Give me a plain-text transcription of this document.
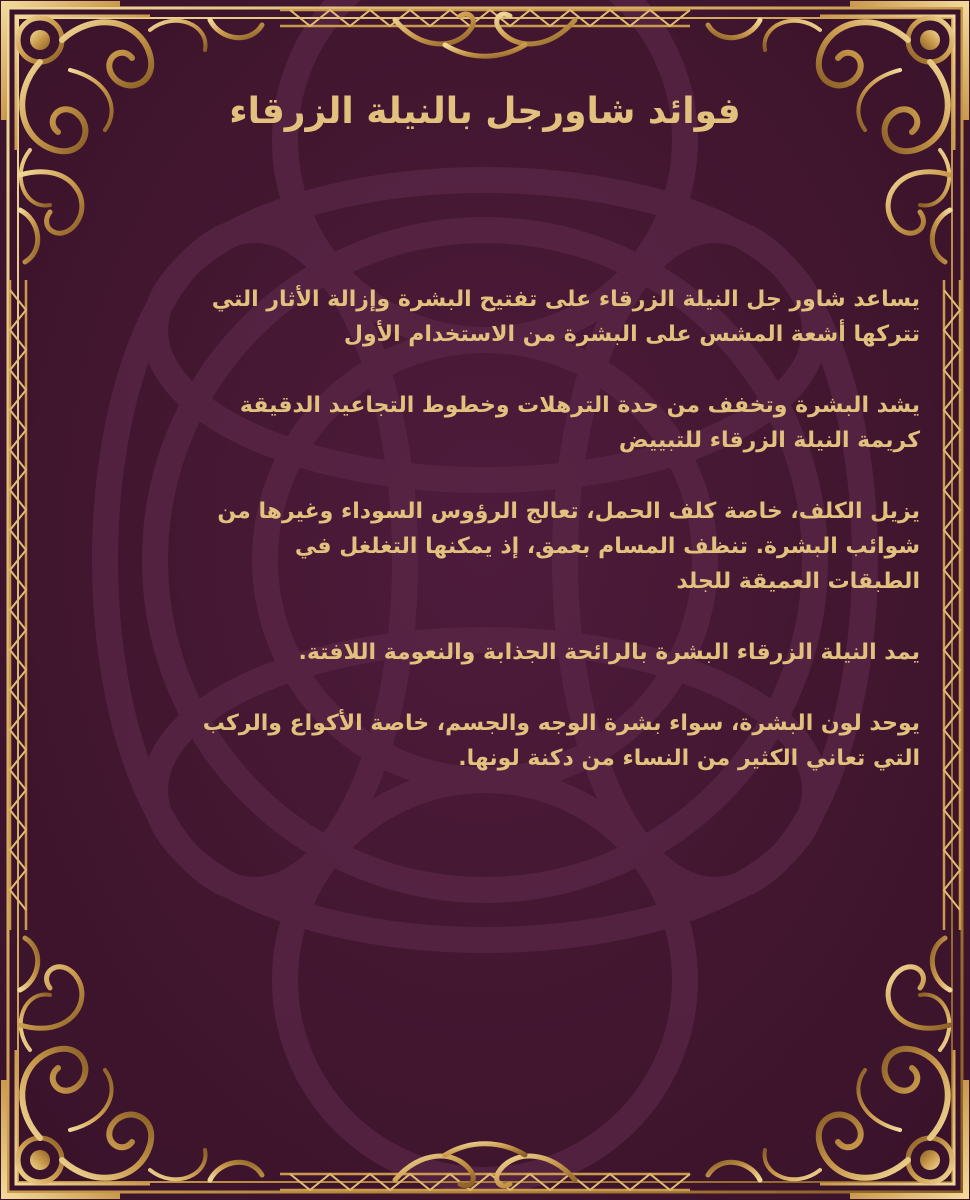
فوائد شاورجل بالنيلة الزرقاء
يساعد شاور جل النيلة الزرقاء على تفتيح البشرة وإزالة الأثار التي
تتركها أشعة المشس على البشرة من الاستخدام الأول
يشد البشرة وتخفف من حدة الترهلات وخطوط التجاعيد الدقيقة
كريمة النيلة الزرقاء للتبييض
يزيل الكلف، خاصة كلف الحمل، تعالج الرؤوس السوداء وغيرها من
شوائب البشرة. تنظف المسام بعمق، إذ يمكنها التغلغل في
الطبقات العميقة للجلد
يمد النيلة الزرقاء البشرة بالرائحة الجذابة والنعومة اللافتة.
يوحد لون البشرة، سواء بشرة الوجه والجسم، خاصة الأكواع والركب
التي تعاني الكثير من النساء من دكنة لونها.
